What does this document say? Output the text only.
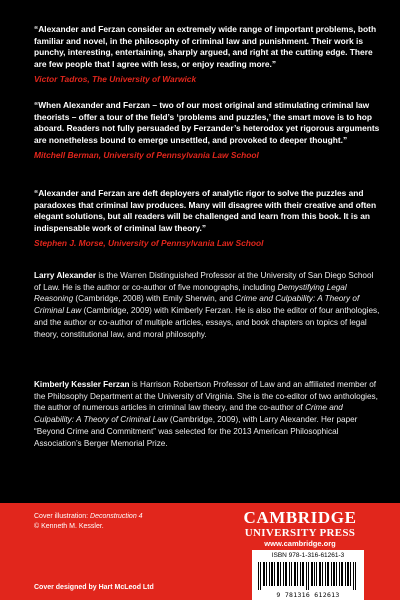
“Alexander and Ferzan consider an extremely wide range of important problems, both familiar and novel, in the philosophy of criminal law and punishment. Their work is punchy, interesting, entertaining, sharply argued, and right at the cutting edge. There are few people that I agree with less, or enjoy reading more.”

Victor Tadros, The University of Warwick

“When Alexander and Ferzan – two of our most original and stimulating criminal law theorists – offer a tour of the field’s ‘problems and puzzles,’ the smart move is to hop aboard. Readers not fully persuaded by Ferzander’s heterodox yet rigorous arguments are nonetheless bound to emerge unsettled, and provoked to deeper thought.”

Mitchell Berman, University of Pennsylvania Law School

“Alexander and Ferzan are deft deployers of analytic rigor to solve the puzzles and paradoxes that criminal law produces. Many will disagree with their creative and often elegant solutions, but all readers will be challenged and learn from this book. It is an indispensable work of criminal law theory.”

Stephen J. Morse, University of Pennsylvania Law School

Larry Alexander is the Warren Distinguished Professor at the University of San Diego School of Law. He is the author or co-author of five monographs, including Demystifying Legal Reasoning (Cambridge, 2008) with Emily Sherwin, and Crime and Culpability: A Theory of Criminal Law (Cambridge, 2009) with Kimberly Ferzan. He is also the editor of four anthologies, and the author or co-author of multiple articles, essays, and book chapters on topics of legal theory, constitutional law, and moral philosophy.

Kimberly Kessler Ferzan is Harrison Robertson Professor of Law and an affiliated member of the Philosophy Department at the University of Virginia. She is the co-editor of two anthologies, the author of numerous articles in criminal law theory, and the co-author of Crime and Culpability: A Theory of Criminal Law (Cambridge, 2009), with Larry Alexander. Her paper “Beyond Crime and Commitment” was selected for the 2013 American Philosophical Association’s Berger Memorial Prize.

Cover illustration: Deconstruction 4
© Kenneth M. Kessler.
Cover designed by Hart McLeod Ltd
CAMBRIDGE
UNIVERSITY PRESS
www.cambridge.org
ISBN 978-1-316-61261-3
9 781316 612613
